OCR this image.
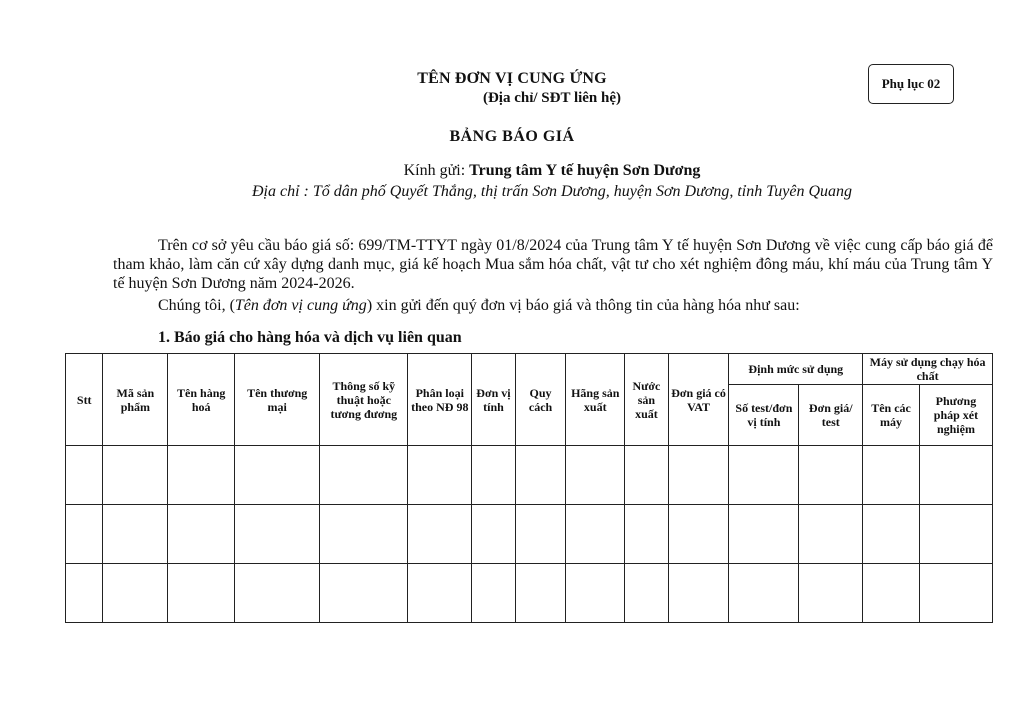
TÊN ĐƠN VỊ CUNG ỨNG
(Địa chỉ/ SĐT liên hệ)
Phụ lục 02
BẢNG BÁO GIÁ
Kính gửi: Trung tâm Y tế huyện Sơn Dương
Địa chỉ : Tổ dân phố Quyết Thắng, thị trấn Sơn Dương, huyện Sơn Dương, tỉnh Tuyên Quang
Trên cơ sở yêu cầu báo giá số: 699/TM-TTYT ngày 01/8/2024 của Trung tâm Y tế huyện Sơn Dương về việc cung cấp báo giá để tham khảo, làm căn cứ xây dựng danh mục, giá kế hoạch Mua sắm hóa chất, vật tư cho xét nghiệm đông máu, khí máu của Trung tâm Y tế huyện Sơn Dương năm 2024-2026.
Chúng tôi, (Tên đơn vị cung ứng) xin gửi đến quý đơn vị báo giá và thông tin của hàng hóa như sau:
1. Báo giá cho hàng hóa và dịch vụ liên quan
Stt	Mã sản phẩm	Tên hàng hoá	Tên thương mại	Thông số kỹ thuật hoặc tương đương	Phân loại theo NĐ 98	Đơn vị tính	Quy cách	Hãng sản xuất	Nước sản xuất	Đơn giá có VAT	Định mức sử dụng		Máy sử dụng chạy hóa chất	
											Số test/đơn vị tính	Đơn giá/ test	Tên các máy	Phương pháp xét nghiệm
